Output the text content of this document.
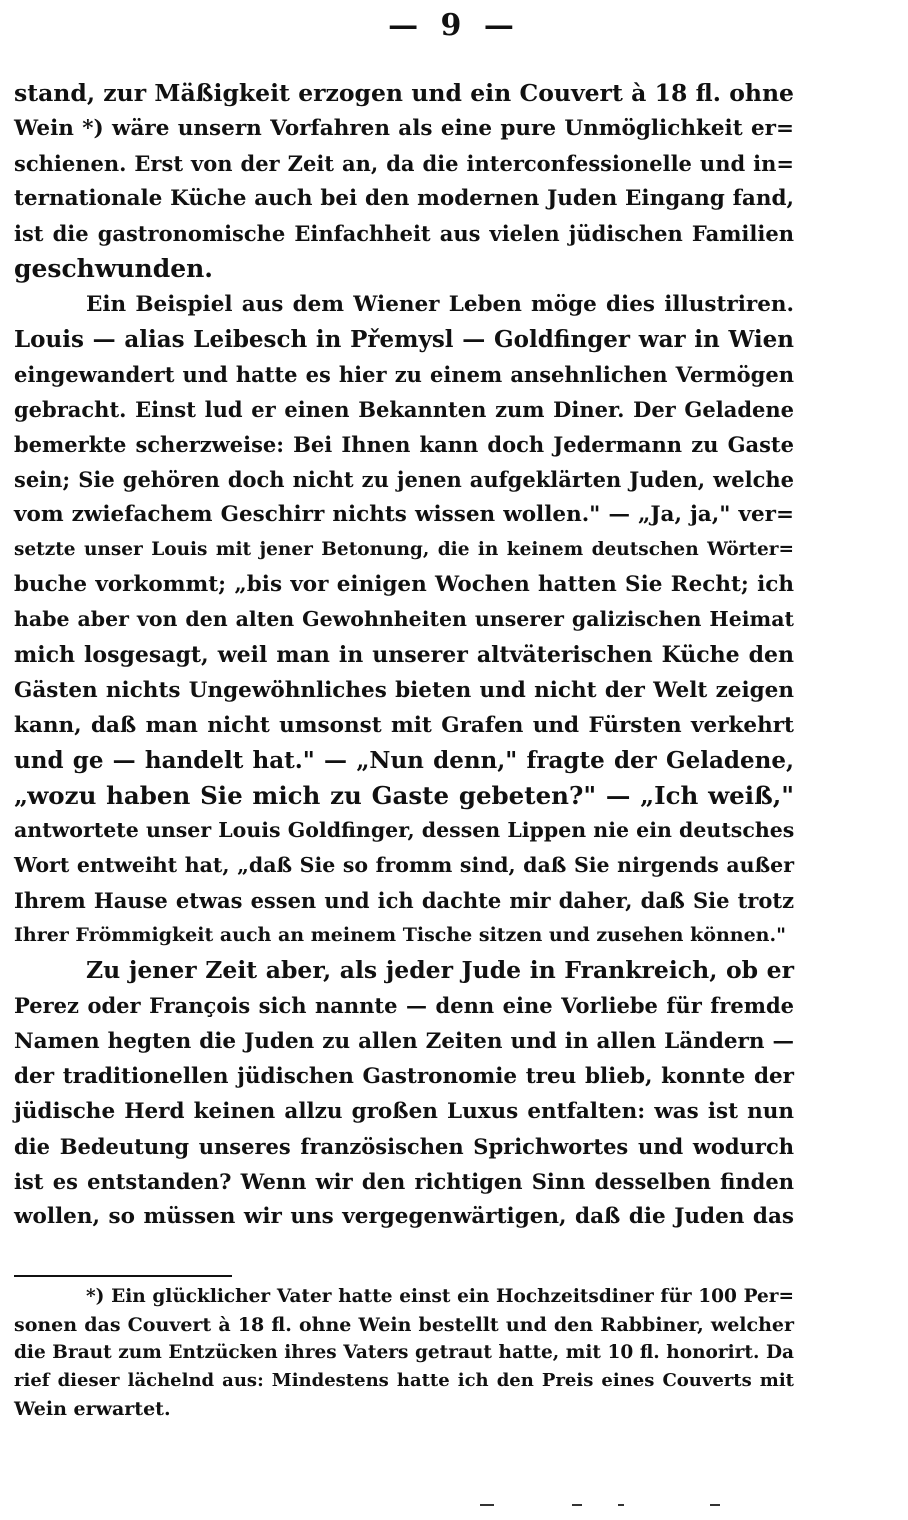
— 9 —
stand, zur Mäßigkeit erzogen und ein Couvert à 18 fl. ohne
Wein *) wäre unsern Vorfahren als eine pure Unmöglichkeit er=
schienen. Erst von der Zeit an, da die interconfessionelle und in=
ternationale Küche auch bei den modernen Juden Eingang fand,
ist die gastronomische Einfachheit aus vielen jüdischen Familien
geschwunden.
Ein Beispiel aus dem Wiener Leben möge dies illustriren.
Louis — alias Leibesch in Přemysl — Goldfinger war in Wien
eingewandert und hatte es hier zu einem ansehnlichen Vermögen
gebracht. Einst lud er einen Bekannten zum Diner. Der Geladene
bemerkte scherzweise: Bei Ihnen kann doch Jedermann zu Gaste
sein; Sie gehören doch nicht zu jenen aufgeklärten Juden, welche
vom zwiefachem Geschirr nichts wissen wollen." — „Ja, ja," ver=
setzte unser Louis mit jener Betonung, die in keinem deutschen Wörter=
buche vorkommt; „bis vor einigen Wochen hatten Sie Recht; ich
habe aber von den alten Gewohnheiten unserer galizischen Heimat
mich losgesagt, weil man in unserer altväterischen Küche den
Gästen nichts Ungewöhnliches bieten und nicht der Welt zeigen
kann, daß man nicht umsonst mit Grafen und Fürsten verkehrt
und ge — handelt hat." — „Nun denn," fragte der Geladene,
„wozu haben Sie mich zu Gaste gebeten?" — „Ich weiß,"
antwortete unser Louis Goldfinger, dessen Lippen nie ein deutsches
Wort entweiht hat, „daß Sie so fromm sind, daß Sie nirgends außer
Ihrem Hause etwas essen und ich dachte mir daher, daß Sie trotz
Ihrer Frömmigkeit auch an meinem Tische sitzen und zusehen können."
Zu jener Zeit aber, als jeder Jude in Frankreich, ob er
Perez oder François sich nannte — denn eine Vorliebe für fremde
Namen hegten die Juden zu allen Zeiten und in allen Ländern —
der traditionellen jüdischen Gastronomie treu blieb, konnte der
jüdische Herd keinen allzu großen Luxus entfalten: was ist nun
die Bedeutung unseres französischen Sprichwortes und wodurch
ist es entstanden? Wenn wir den richtigen Sinn desselben finden
wollen, so müssen wir uns vergegenwärtigen, daß die Juden das
*) Ein glücklicher Vater hatte einst ein Hochzeitsdiner für 100 Per=
sonen das Couvert à 18 fl. ohne Wein bestellt und den Rabbiner, welcher
die Braut zum Entzücken ihres Vaters getraut hatte, mit 10 fl. honorirt. Da
rief dieser lächelnd aus: Mindestens hatte ich den Preis eines Couverts mit
Wein erwartet.
